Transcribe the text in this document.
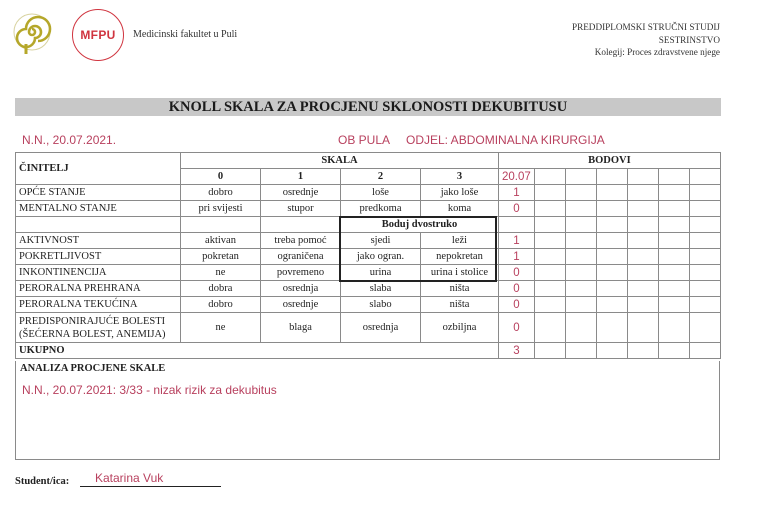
MFPU Medicinski fakultet u Puli
PREDDIPLOMSKI STRUČNI STUDIJ
SESTRINSTVO
Kolegij: Proces zdravstvene njege
KNOLL SKALA ZA PROCJENU SKLONOSTI DEKUBITUSU
N.N., 20.07.2021.	OB PULA ODJEL: ABDOMINALNA KIRURGIJA
ČINITELJ	SKALA				BODOVI						
	0	1	2	3	20.07						
OPĆE STANJE	dobro	osrednje	loše	jako loše	1						
MENTALNO STANJE	pri svijesti	stupor	predkoma	koma	0						
			Boduj dvostruko								
AKTIVNOST	aktivan	treba pomoć	sjedi	leži	1						
POKRETLJIVOST	pokretan	ograničena	jako ogran.	nepokretan	1						
INKONTINENCIJA	ne	povremeno	urina	urina i stolice	0						
PERORALNA PREHRANA	dobra	osrednja	slaba	ništa	0						
PERORALNA TEKUĆINA	dobro	osrednje	slabo	ništa	0						

PREDISPONIRAJUĆE BOLESTI
(ŠEĆERNA BOLEST, ANEMIJA)	ne	blaga	osrednja	ozbiljna	0						
UKUPNO					3						
ANALIZA PROCJENE SKALE
N.N., 20.07.2021: 3/33 - nizak rizik za dekubitus
Student/ica: Katarina Vuk
